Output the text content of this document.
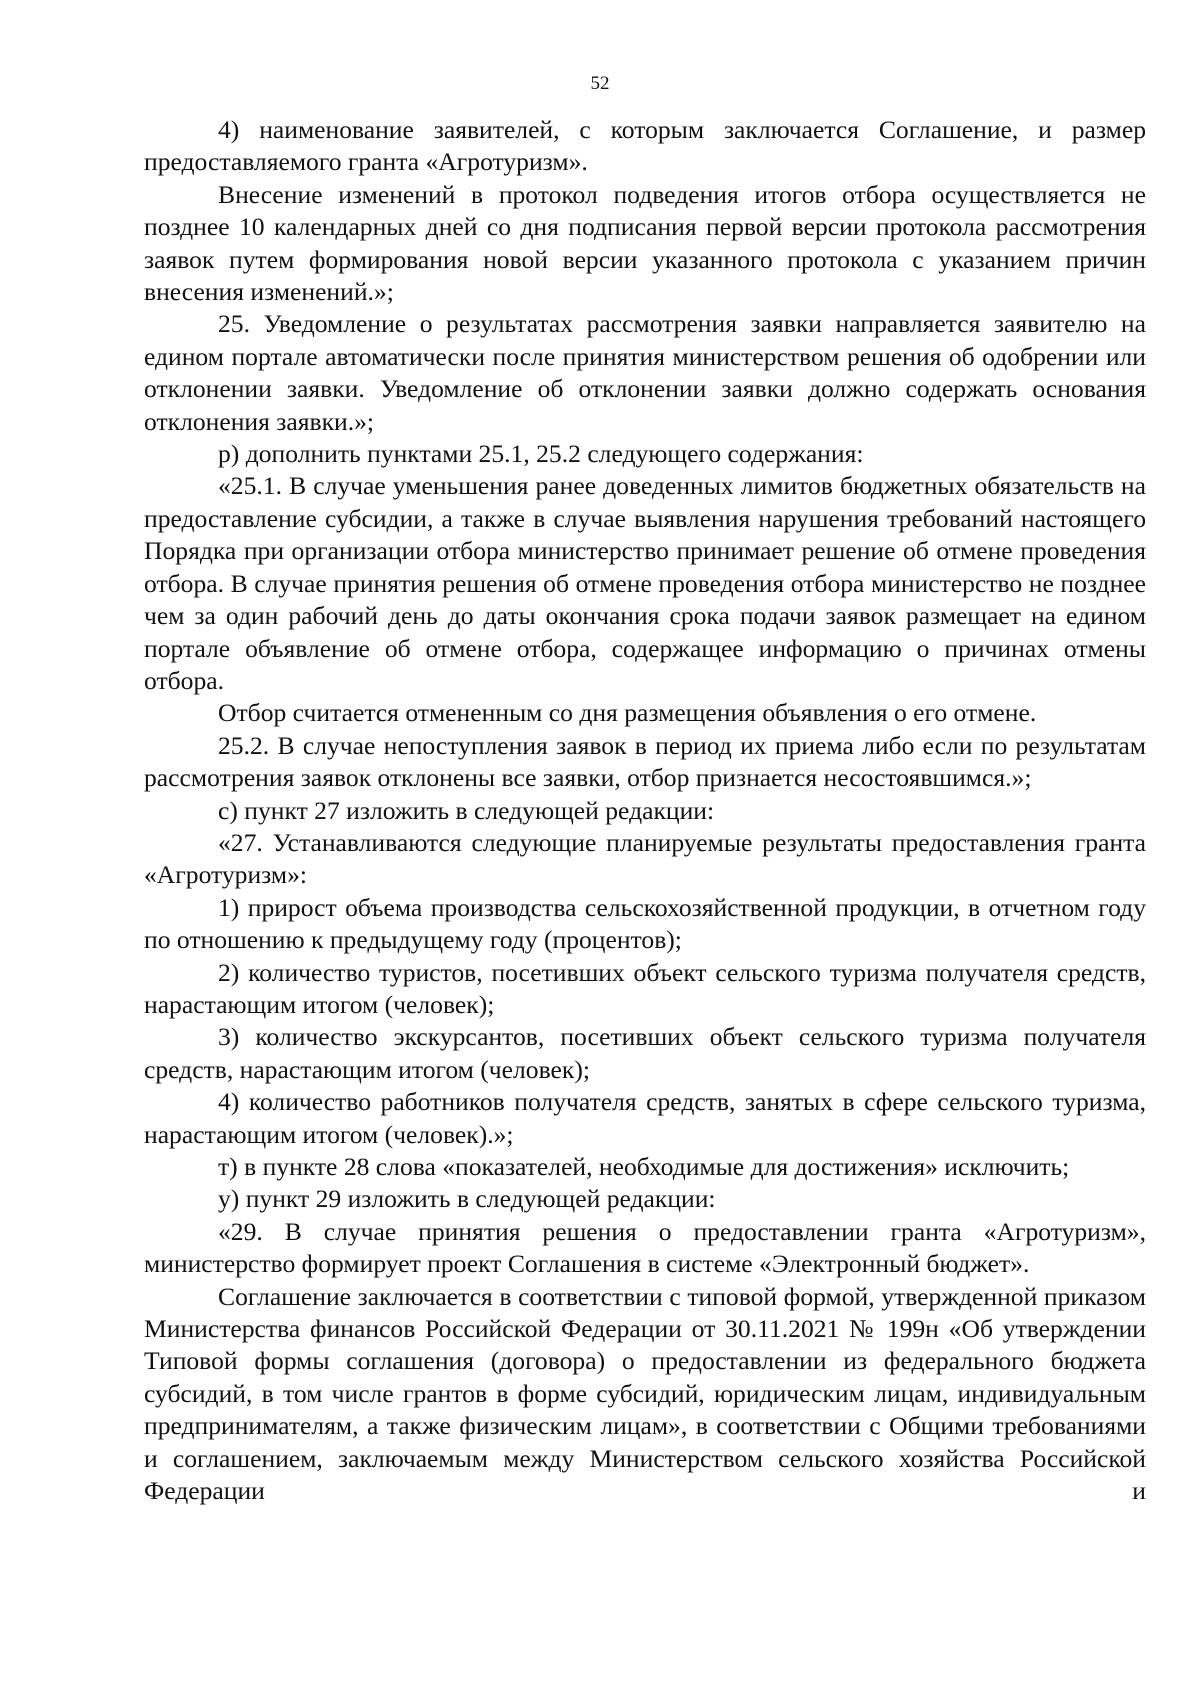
52

4) наименование заявителей, с которым заключается Соглашение, и размер предоставляемого гранта «Агротуризм».

Внесение изменений в протокол подведения итогов отбора осуществляется не позднее 10 календарных дней со дня подписания первой версии протокола рассмотрения заявок путем формирования новой версии указанного протокола с указанием причин внесения изменений.»;

25. Уведомление о результатах рассмотрения заявки направляется заявителю на едином портале автоматически после принятия министерством решения об одобрении или отклонении заявки. Уведомление об отклонении заявки должно содержать основания отклонения заявки.»;

р) дополнить пунктами 25.1, 25.2 следующего содержания:

«25.1. В случае уменьшения ранее доведенных лимитов бюджетных обязательств на предоставление субсидии, а также в случае выявления нарушения требований настоящего Порядка при организации отбора министерство принимает решение об отмене проведения отбора. В случае принятия решения об отмене проведения отбора министерство не позднее чем за один рабочий день до даты окончания срока подачи заявок размещает на едином портале объявление об отмене отбора, содержащее информацию о причинах отмены отбора.

Отбор считается отмененным со дня размещения объявления о его отмене.

25.2. В случае непоступления заявок в период их приема либо если по результатам рассмотрения заявок отклонены все заявки, отбор признается несостоявшимся.»;

с) пункт 27 изложить в следующей редакции:

«27. Устанавливаются следующие планируемые результаты предоставления гранта «Агротуризм»:

1) прирост объема производства сельскохозяйственной продукции, в отчетном году по отношению к предыдущему году (процентов);

2) количество туристов, посетивших объект сельского туризма получателя средств, нарастающим итогом (человек);

3) количество экскурсантов, посетивших объект сельского туризма получателя средств, нарастающим итогом (человек);

4) количество работников получателя средств, занятых в сфере сельского туризма, нарастающим итогом (человек).»;

т) в пункте 28 слова «показателей, необходимые для достижения» исключить;

у) пункт 29 изложить в следующей редакции:

«29. В случае принятия решения о предоставлении гранта «Агротуризм», министерство формирует проект Соглашения в системе «Электронный бюджет».

Соглашение заключается в соответствии с типовой формой, утвержденной приказом Министерства финансов Российской Федерации от 30.11.2021 № 199н «Об утверждении Типовой формы соглашения (договора) о предоставлении из федерального бюджета субсидий, в том числе грантов в форме субсидий, юридическим лицам, индивидуальным предпринимателям, а также физическим лицам», в соответствии с Общими требованиями и соглашением, заключаемым между Министерством сельского хозяйства Российской Федерации и
